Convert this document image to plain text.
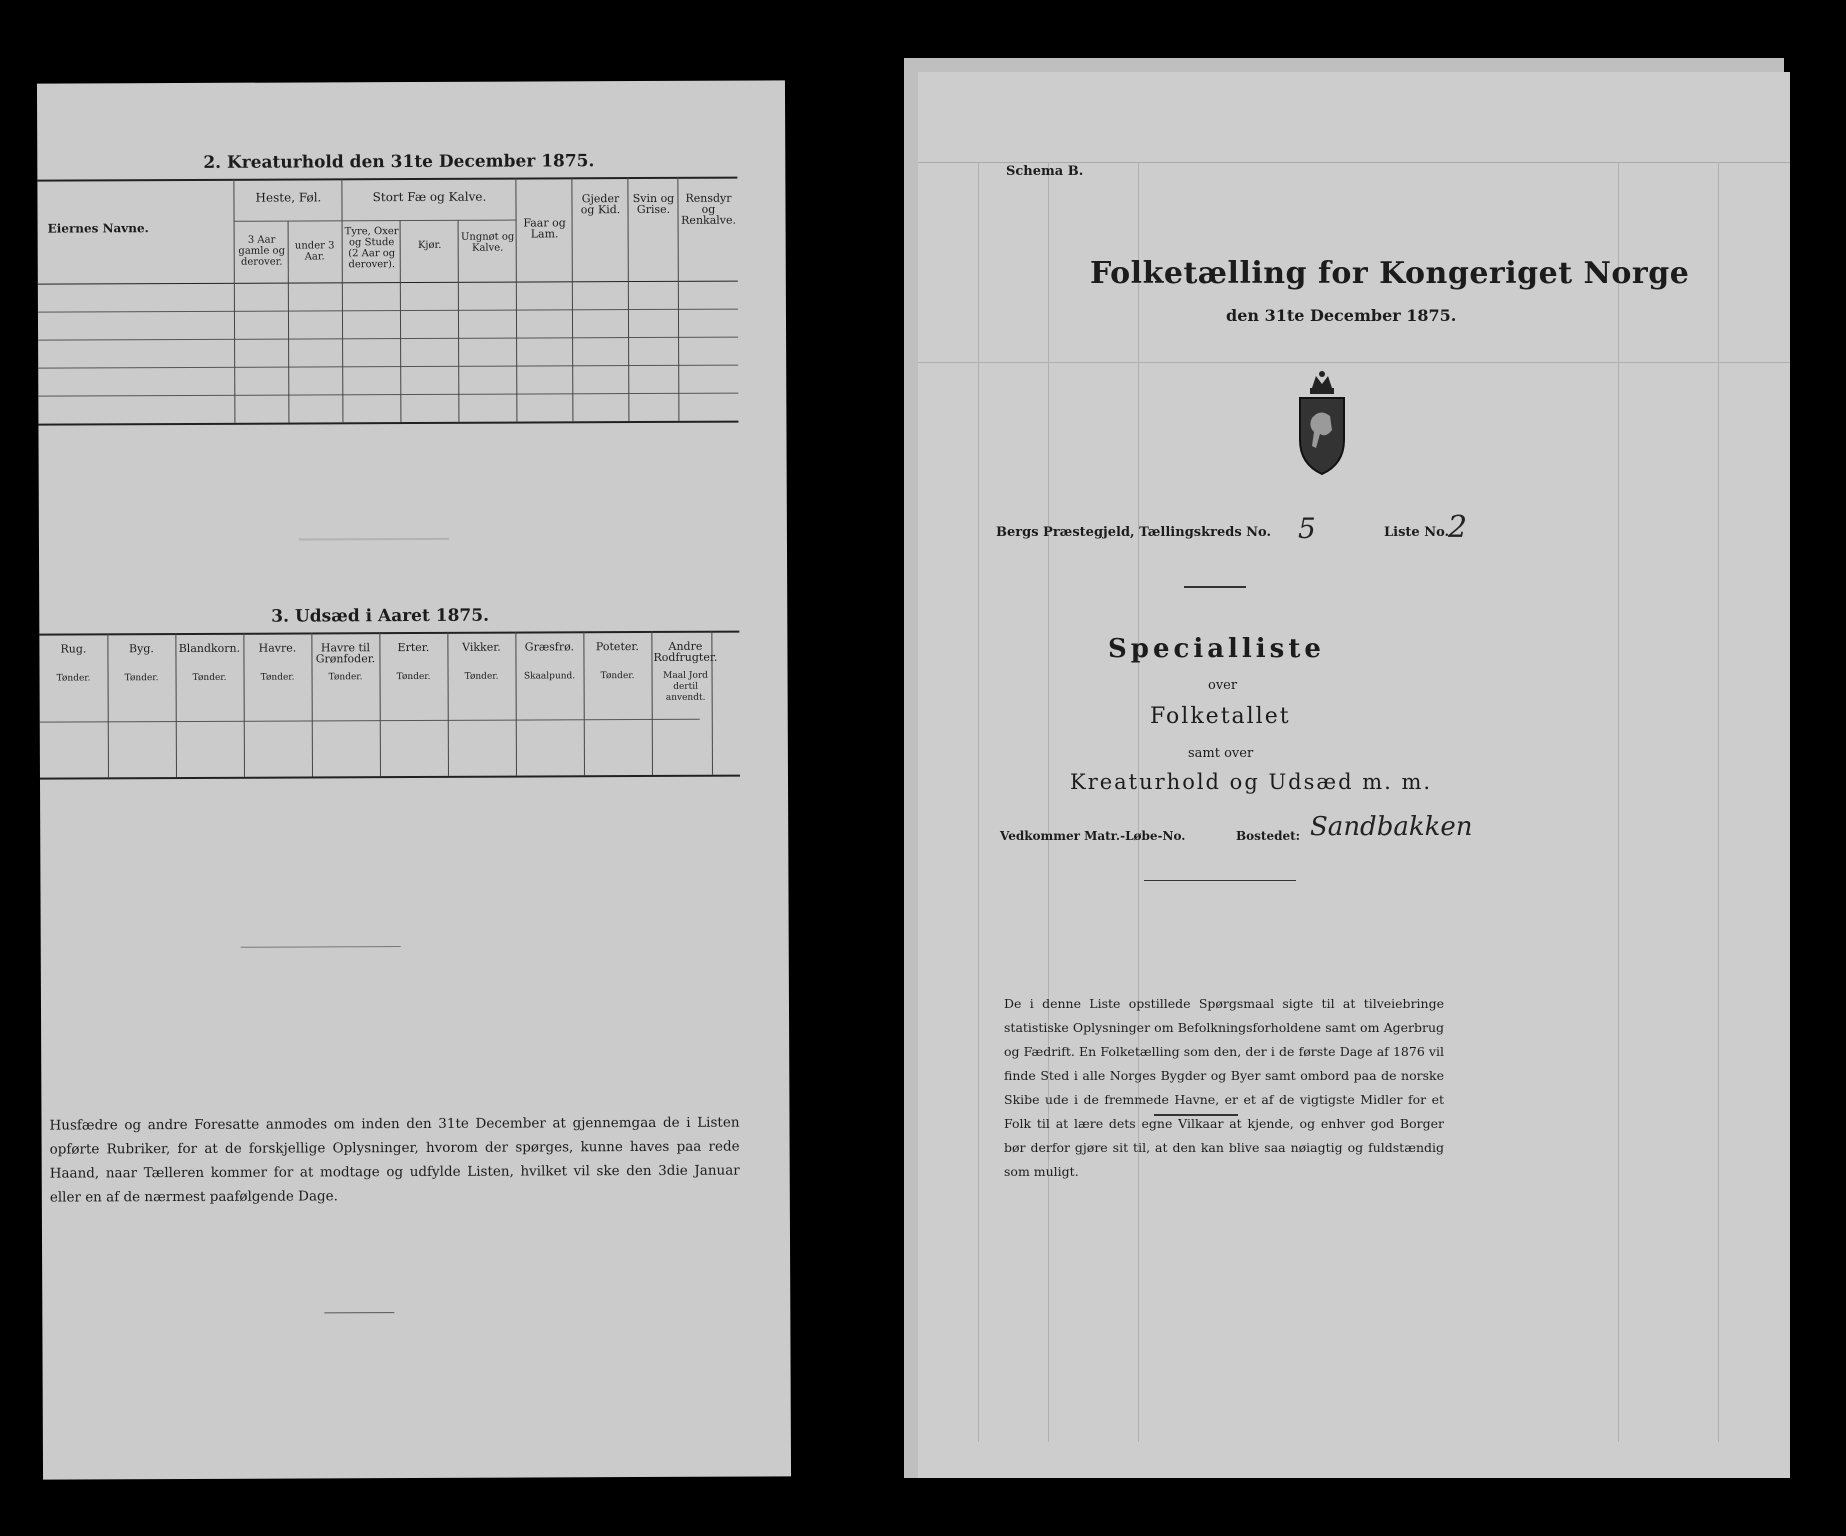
2. Kreaturhold den 31te December 1875.
Eiernes Navne.
Heste, Føl.
3 Aar gamle og derover.
under 3 Aar.
Stort Fæ og Kalve.
Tyre, Oxer og Stude (2 Aar og derover).
Kjør.
Ungnøt og Kalve.
Faar og Lam.
Gjeder og Kid.
Svin og Grise.
Rensdyr og Renkalve.
3. Udsæd i Aaret 1875.
Rug.
Tønder.
Byg.
Tønder.
Blandkorn.
Tønder.
Havre.
Tønder.
Havre til Grønfoder.
Tønder.
Erter.
Tønder.
Vikker.
Tønder.
Græsfrø.
Skaalpund.
Poteter.
Tønder.
Andre Rodfrugter.
Maal Jord dertil anvendt.
Husfædre og andre Foresatte anmodes om inden den 31te December at gjennemgaa de i Listen opførte Rubriker, for at de forskjellige Oplysninger, hvorom der spørges, kunne haves paa rede Haand, naar Tælleren kommer for at modtage og udfylde Listen, hvilket vil ske den 3die Januar eller en af de nærmest paafølgende Dage.
Schema B.
Folketælling for Kongeriget Norge
den 31te December 1875.
Bergs Præstegjeld, Tællingskreds No. 5	Liste No.
2
Specialliste
over
Folketallet
samt over
Kreaturhold og Udsæd m. m.
Vedkommer Matr.-Løbe-No.	Bostedet: Sandbakken
De i denne Liste opstillede Spørgsmaal sigte til at tilveiebringe statistiske Oplysninger om Befolkningsforholdene samt om Agerbrug og Fædrift. En Folketælling som den, der i de første Dage af 1876 vil finde Sted i alle Norges Bygder og Byer samt ombord paa de norske Skibe ude i de fremmede Havne, er et af de vigtigste Midler for et Folk til at lære dets egne Vilkaar at kjende, og enhver god Borger bør derfor gjøre sit til, at den kan blive saa nøiagtig og fuldstændig som muligt.
